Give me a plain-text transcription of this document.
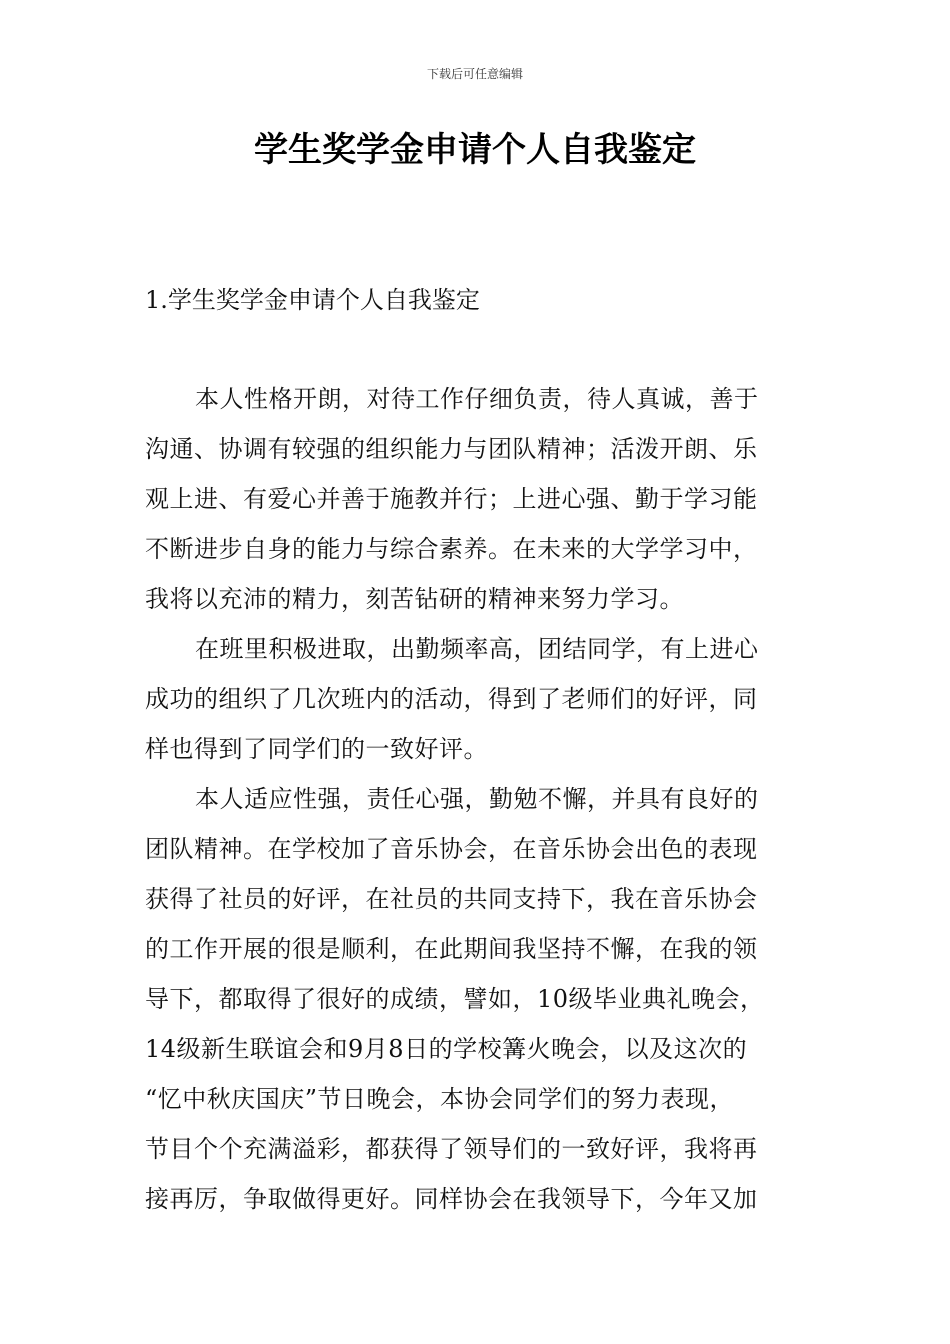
下载后可任意编辑
学生奖学金申请个人自我鉴定
1.学生奖学金申请个人自我鉴定
本人性格开朗，对待工作仔细负责，待人真诚，善于
沟通、协调有较强的组织能力与团队精神；活泼开朗、乐
观上进、有爱心并善于施教并行；上进心强、勤于学习能
不断进步自身的能力与综合素养。在未来的大学学习中，
我将以充沛的精力，刻苦钻研的精神来努力学习。
在班里积极进取，出勤频率高，团结同学，有上进心
成功的组织了几次班内的活动，得到了老师们的好评，同
样也得到了同学们的一致好评。
本人适应性强，责任心强，勤勉不懈，并具有良好的
团队精神。在学校加了音乐协会，在音乐协会出色的表现
获得了社员的好评，在社员的共同支持下，我在音乐协会
的工作开展的很是顺利，在此期间我坚持不懈，在我的领
导下，都取得了很好的成绩，譬如，10级毕业典礼晚会，
14级新生联谊会和9月8日的学校篝火晚会，以及这次的
“忆中秋庆国庆”节日晚会，本协会同学们的努力表现，
节目个个充满溢彩，都获得了领导们的一致好评，我将再
接再厉，争取做得更好。同样协会在我领导下，今年又加
